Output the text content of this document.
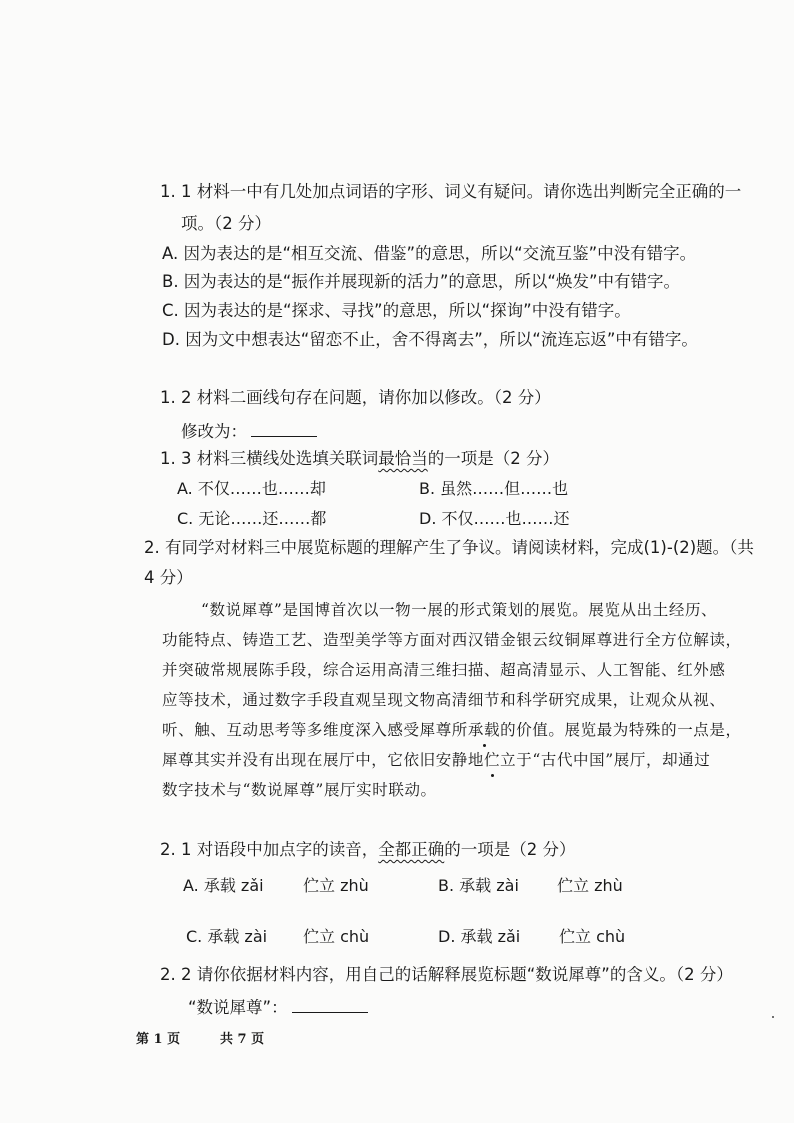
1. 1 材料一中有几处加点词语的字形、词义有疑问。请你选出判断完全正确的一
项。（2 分）
A. 因为表达的是“相互交流、借鉴”的意思，所以“交流互鉴”中没有错字。
B. 因为表达的是“振作并展现新的活力”的意思，所以“焕发”中有错字。
C. 因为表达的是“探求、寻找”的意思，所以“探询”中没有错字。
D. 因为文中想表达“留恋不止，舍不得离去”，所以“流连忘返”中有错字。
1. 2 材料二画线句存在问题，请你加以修改。（2 分）
修改为：
1. 3 材料三横线处选填关联词最恰当的一项是（2 分）
A. 不仅……也……却	B. 虽然……但……也
C. 无论……还……都	D. 不仅……也……还
2. 有同学对材料三中展览标题的理解产生了争议。请阅读材料，完成(1)-(2)题。（共
4 分）
“数说犀尊”是国博首次以一物一展的形式策划的展览。展览从出土经历、
功能特点、铸造工艺、造型美学等方面对西汉错金银云纹铜犀尊进行全方位解读，
并突破常规展陈手段，综合运用高清三维扫描、超高清显示、人工智能、红外感
应等技术，通过数字手段直观呈现文物高清细节和科学研究成果，让观众从视、
听、触、互动思考等多维度深入感受犀尊所承载的价值。展览最为特殊的一点是，
犀尊其实并没有出现在展厅中，它依旧安静地伫立于“古代中国”展厅，却通过
数字技术与“数说犀尊”展厅实时联动。
2. 1 对语段中加点字的读音，全都正确的一项是（2 分）
A. 承载 zǎi 伫立 zhù	B. 承载 zài 伫立 zhù
C. 承载 zài 伫立 chù	D. 承载 zǎi 伫立 chù
2. 2 请你依据材料内容，用自己的话解释展览标题“数说犀尊”的含义。（2 分）
“数说犀尊”：
第 1 页	共 7 页
